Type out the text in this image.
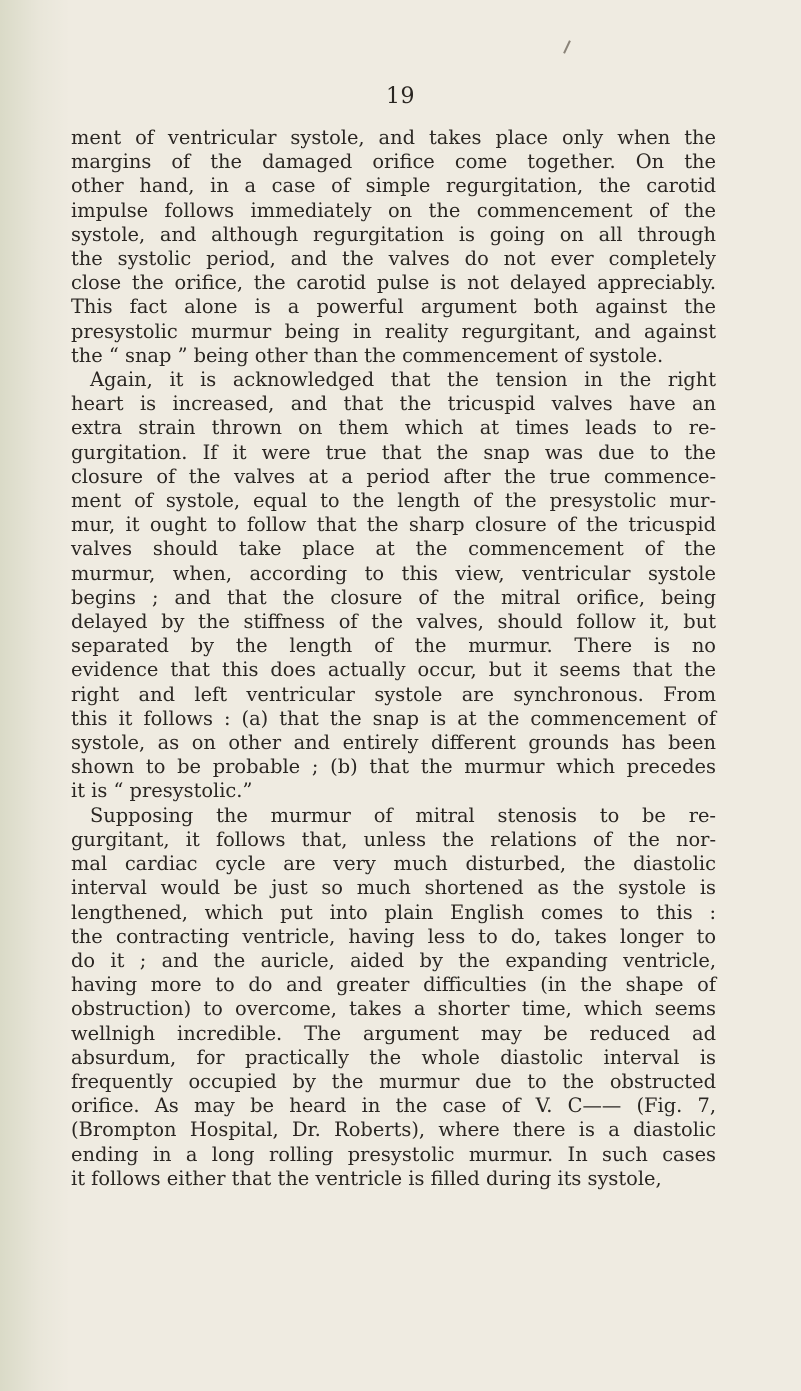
19
ment of ventricular systole, and takes place only when the
margins of the damaged orifice come together. On the
other hand, in a case of simple regurgitation, the carotid
impulse follows immediately on the commencement of the
systole, and although regurgitation is going on all through
the systolic period, and the valves do not ever completely
close the orifice, the carotid pulse is not delayed appreciably.
This fact alone is a powerful argument both against the
presystolic murmur being in reality regurgitant, and against
the “ snap ” being other than the commencement of systole.
Again, it is acknowledged that the tension in the right
heart is increased, and that the tricuspid valves have an
extra strain thrown on them which at times leads to re-
gurgitation. If it were true that the snap was due to the
closure of the valves at a period after the true commence-
ment of systole, equal to the length of the presystolic mur-
mur, it ought to follow that the sharp closure of the tricuspid
valves should take place at the commencement of the
murmur, when, according to this view, ventricular systole
begins ; and that the closure of the mitral orifice, being
delayed by the stiffness of the valves, should follow it, but
separated by the length of the murmur. There is no
evidence that this does actually occur, but it seems that the
right and left ventricular systole are synchronous. From
this it follows : (a) that the snap is at the commencement of
systole, as on other and entirely different grounds has been
shown to be probable ; (b) that the murmur which precedes
it is “ presystolic.”
Supposing the murmur of mitral stenosis to be re-
gurgitant, it follows that, unless the relations of the nor-
mal cardiac cycle are very much disturbed, the diastolic
interval would be just so much shortened as the systole is
lengthened, which put into plain English comes to this :
the contracting ventricle, having less to do, takes longer to
do it ; and the auricle, aided by the expanding ventricle,
having more to do and greater difficulties (in the shape of
obstruction) to overcome, takes a shorter time, which seems
wellnigh incredible. The argument may be reduced ad
absurdum, for practically the whole diastolic interval is
frequently occupied by the murmur due to the obstructed
orifice. As may be heard in the case of V. C—— (Fig. 7,
(Brompton Hospital, Dr. Roberts), where there is a diastolic
ending in a long rolling presystolic murmur. In such cases
it follows either that the ventricle is filled during its systole,
